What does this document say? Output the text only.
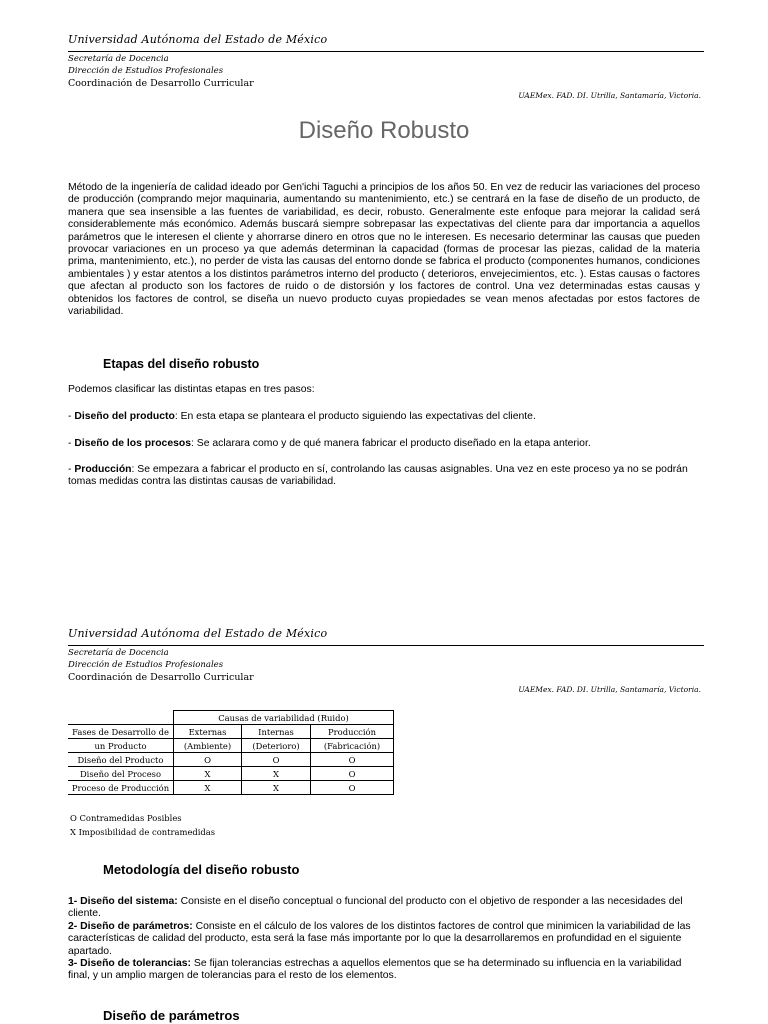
Universidad Autónoma del Estado de México
Secretaría de Docencia
Dirección de Estudios Profesionales
Coordinación de Desarrollo Curricular
UAEMex. FAD. DI. Utrilla, Santamaría, Victoria.
Diseño Robusto
Método de la ingeniería de calidad ideado por Gen'ichi Taguchi a principios de los años 50. En vez de reducir las variaciones del proceso de producción (comprando mejor maquinaria, aumentando su mantenimiento, etc.) se centrará en la fase de diseño de un producto, de manera que sea insensible a las fuentes de variabilidad, es decir, robusto. Generalmente este enfoque para mejorar la calidad será considerablemente más económico. Además buscará siempre sobrepasar las expectativas del cliente para dar importancia a aquellos parámetros que le interesen el cliente y ahorrarse dinero en otros que no le interesen. Es necesario determinar las causas que pueden provocar variaciones en un proceso ya que además determinan la capacidad (formas de procesar las piezas, calidad de la materia prima, mantenimiento, etc.), no perder de vista las causas del entorno donde se fabrica el producto (componentes humanos, condiciones ambientales ) y estar atentos a los distintos parámetros interno del producto ( deterioros, envejecimientos, etc. ). Estas causas o factores que afectan al producto son los factores de ruido o de distorsión y los factores de control. Una vez determinadas estas causas y obtenidos los factores de control, se diseña un nuevo producto cuyas propiedades se vean menos afectadas por estos factores de variabilidad.
Etapas del diseño robusto
Podemos clasificar las distintas etapas en tres pasos:
- Diseño del producto: En esta etapa se planteara el producto siguiendo las expectativas del cliente.
- Diseño de los procesos: Se aclarara como y de qué manera fabricar el producto diseñado en la etapa anterior.
- Producción: Se empezara a fabricar el producto en sí, controlando las causas asignables. Una vez en este proceso ya no se podrán tomas medidas contra las distintas causas de variabilidad.
Universidad Autónoma del Estado de México
Secretaría de Docencia
Dirección de Estudios Profesionales
Coordinación de Desarrollo Curricular
UAEMex. FAD. DI. Utrilla, Santamaría, Victoria.
	Causas de variabilidad (Ruido)		
Fases de Desarrollo de	Externas	Internas	Producción
un Producto	(Ambiente)	(Deterioro)	(Fabricación)
Diseño del Producto	O	O	O
Diseño del Proceso	X	X	O
Proceso de Producción	X	X	O
O Contramedidas Posibles
X Imposibilidad de contramedidas
Metodología del diseño robusto
1- Diseño del sistema: Consiste en el diseño conceptual o funcional del producto con el objetivo de responder a las necesidades del cliente.
2- Diseño de parámetros: Consiste en el cálculo de los valores de los distintos factores de control que minimicen la variabilidad de las características de calidad del producto, esta será la fase más importante por lo que la desarrollaremos en profundidad en el siguiente apartado.
3- Diseño de tolerancias: Se fijan tolerancias estrechas a aquellos elementos que se ha determinado su influencia en la variabilidad final, y un amplio margen de tolerancias para el resto de los elementos.
Diseño de parámetros
